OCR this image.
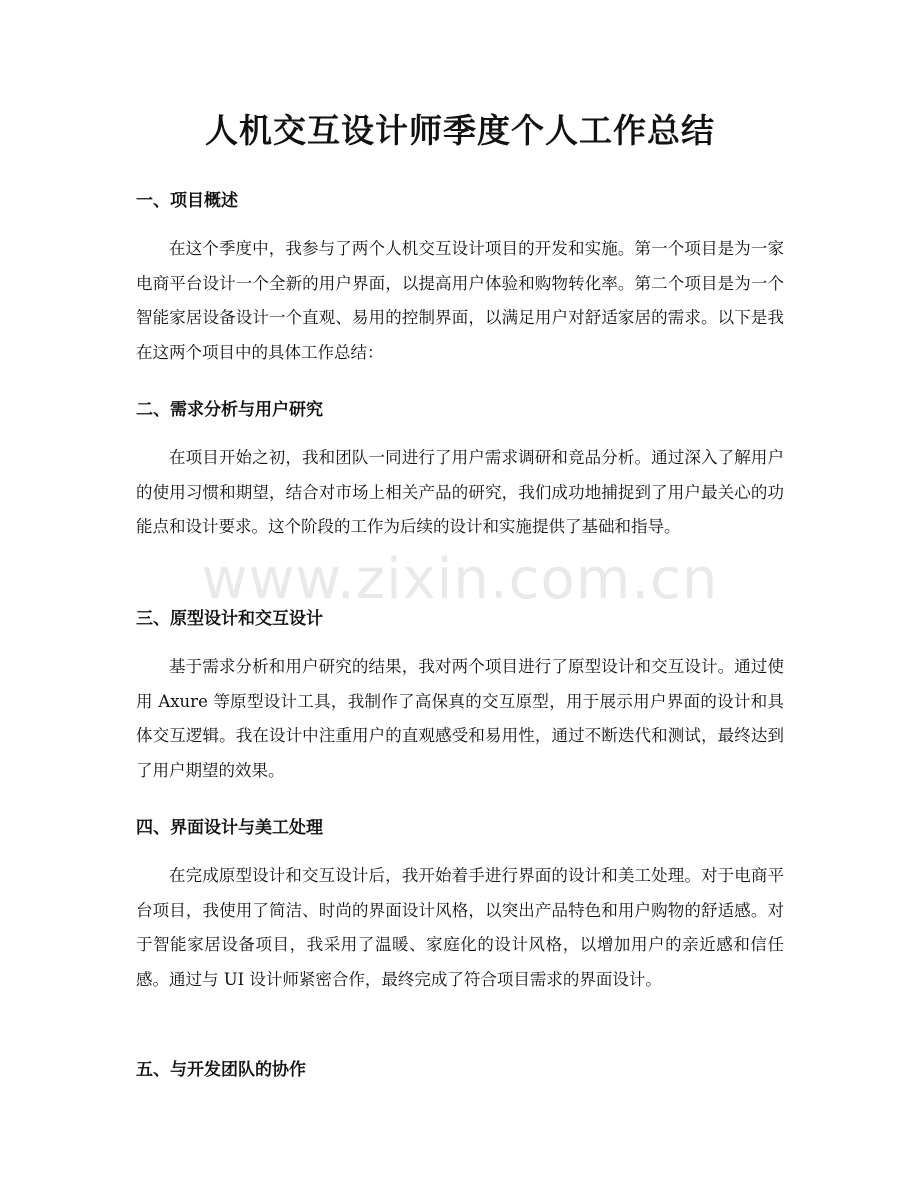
人机交互设计师季度个人工作总结
一、项目概述

在这个季度中，我参与了两个人机交互设计项目的开发和实施。第一个项目是为一家电商平台设计一个全新的用户界面，以提高用户体验和购物转化率。第二个项目是为一个智能家居设备设计一个直观、易用的控制界面，以满足用户对舒适家居的需求。以下是我在这两个项目中的具体工作总结：

二、需求分析与用户研究

在项目开始之初，我和团队一同进行了用户需求调研和竞品分析。通过深入了解用户的使用习惯和期望，结合对市场上相关产品的研究，我们成功地捕捉到了用户最关心的功能点和设计要求。这个阶段的工作为后续的设计和实施提供了基础和指导。

三、原型设计和交互设计

基于需求分析和用户研究的结果，我对两个项目进行了原型设计和交互设计。通过使用 Axure 等原型设计工具，我制作了高保真的交互原型，用于展示用户界面的设计和具体交互逻辑。我在设计中注重用户的直观感受和易用性，通过不断迭代和测试，最终达到了用户期望的效果。

四、界面设计与美工处理

在完成原型设计和交互设计后，我开始着手进行界面的设计和美工处理。对于电商平台项目，我使用了简洁、时尚的界面设计风格，以突出产品特色和用户购物的舒适感。对于智能家居设备项目，我采用了温暖、家庭化的设计风格，以增加用户的亲近感和信任感。通过与 UI 设计师紧密合作，最终完成了符合项目需求的界面设计。

五、与开发团队的协作
www.zixin.com.cn
